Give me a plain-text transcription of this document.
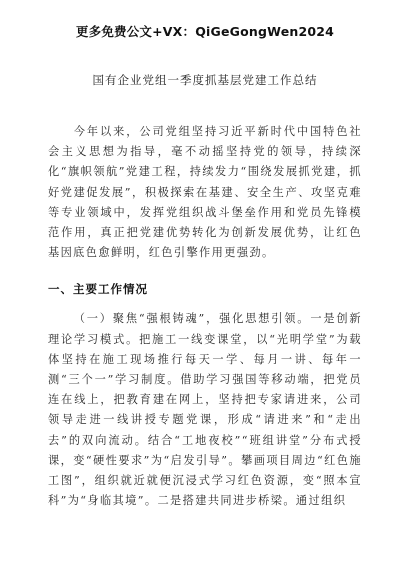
更多免费公文+VX：QiGeGongWen2024
国有企业党组一季度抓基层党建工作总结

今年以来，公司党组坚持习近平新时代中国特色社会主义思想为指导，毫不动摇坚持党的领导，持续深化“旗帜领航”党建工程，持续发力“围绕发展抓党建，抓好党建促发展”，积极探索在基建、安全生产、攻坚克难等专业领域中，发挥党组织战斗堡垒作用和党员先锋模范作用，真正把党建优势转化为创新发展优势，让红色基因底色愈鲜明，红色引擎作用更强劲。

一、主要工作情况

（一）聚焦“强根铸魂”，强化思想引领。一是创新理论学习模式。把施工一线变课堂，以“光明学堂”为载体坚持在施工现场推行每天一学、每月一讲、每年一测“三个一”学习制度。借助学习强国等移动端，把党员连在线上，把教育建在网上，坚持把专家请进来，公司领导走进一线讲授专题党课，形成“请进来”和“走出去”的双向流动。结合“工地夜校”“班组讲堂”分布式授课，变“硬性要求”为“启发引导”。攀画项目周边“红色施工图”，组织就近就便沉浸式学习红色资源，变“照本宣科”为“身临其境”。二是搭建共同进步桥梁。通过组织
